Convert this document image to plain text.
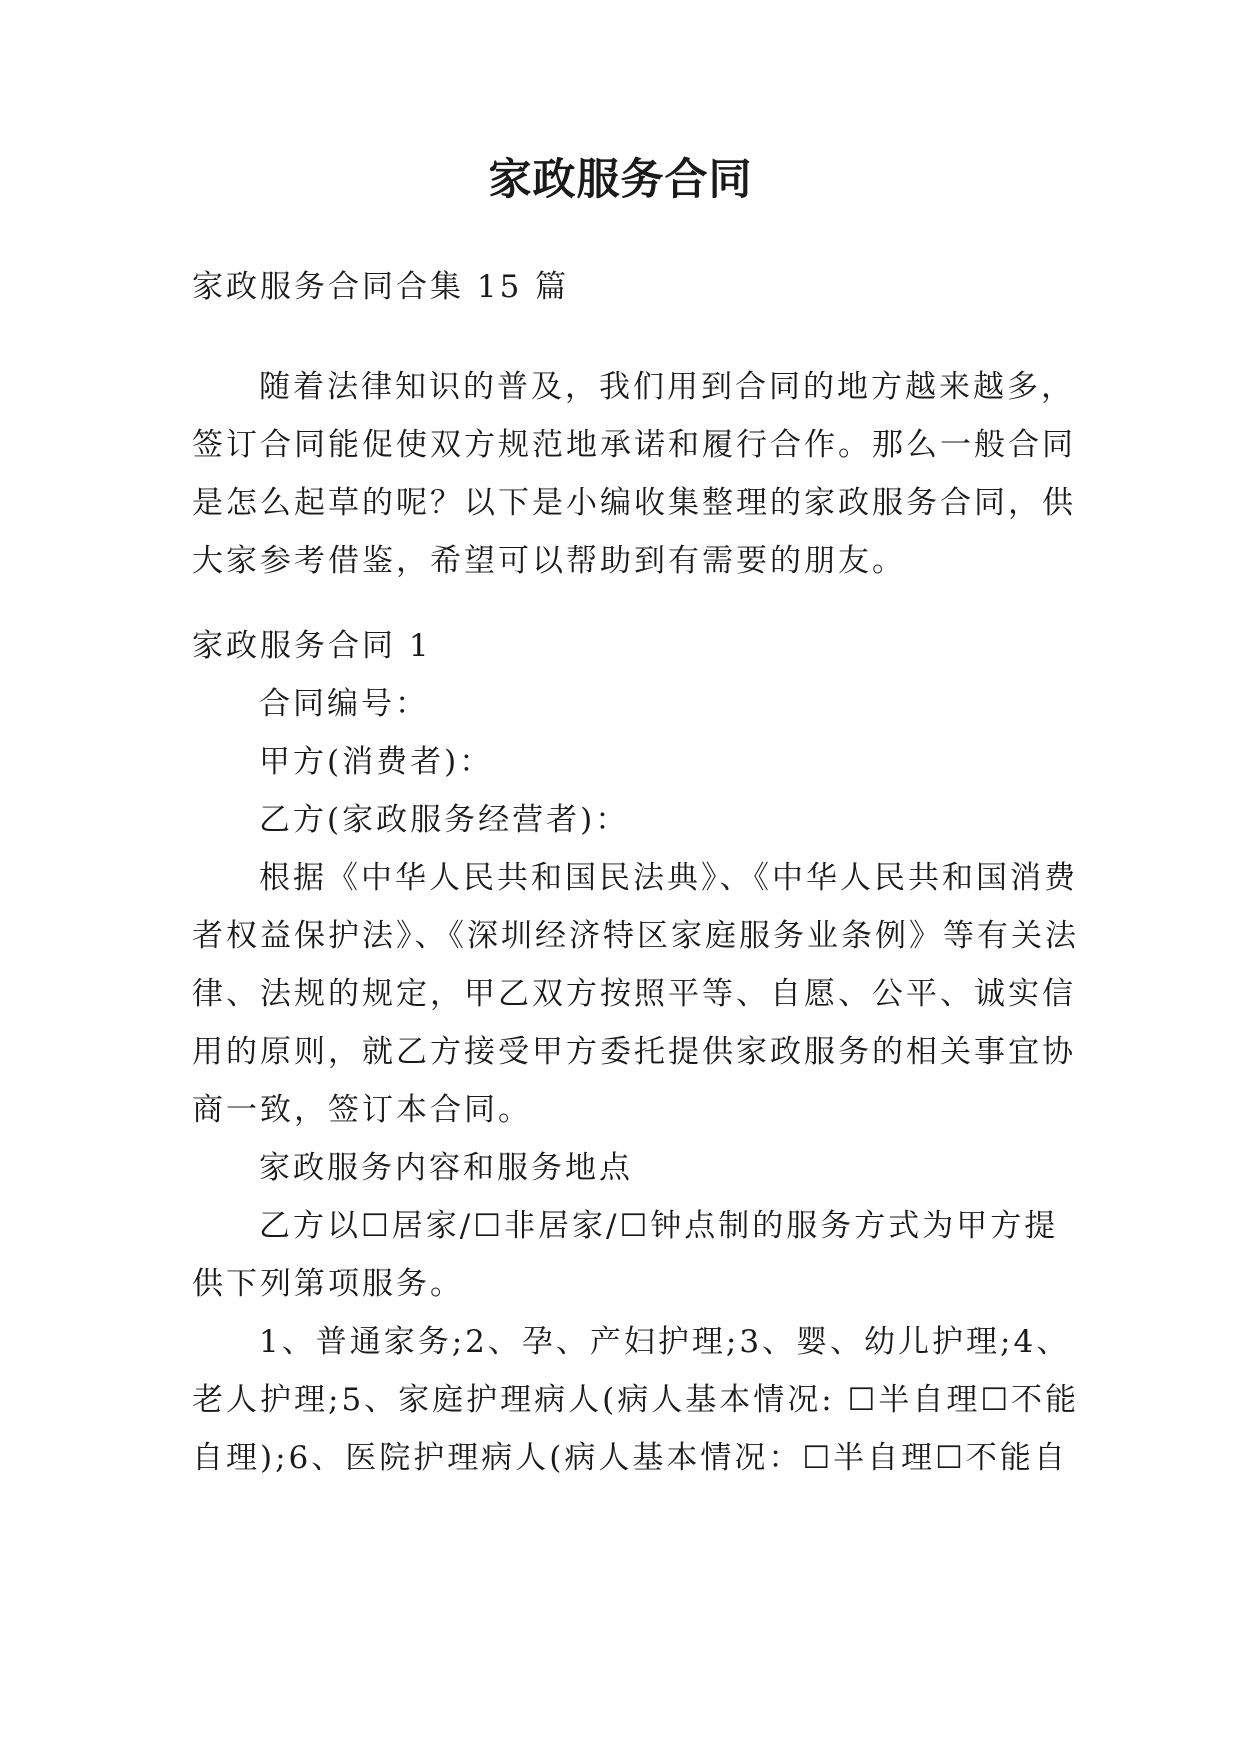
家政服务合同
家政服务合同合集 15 篇
随着法律知识的普及，我们用到合同的地方越来越多，
签订合同能促使双方规范地承诺和履行合作。那么一般合同
是怎么起草的呢？以下是小编收集整理的家政服务合同，供
大家参考借鉴，希望可以帮助到有需要的朋友。
家政服务合同 1
合同编号：
甲方(消费者)：
乙方(家政服务经营者)：
根据《中华人民共和国民法典》、《中华人民共和国消费
者权益保护法》、《深圳经济特区家庭服务业条例》等有关法
律、法规的规定，甲乙双方按照平等、自愿、公平、诚实信
用的原则，就乙方接受甲方委托提供家政服务的相关事宜协
商一致，签订本合同。
家政服务内容和服务地点
乙方以☐居家/☐非居家/☐钟点制的服务方式为甲方提
供下列第项服务。
1、普通家务;2、孕、产妇护理;3、婴、幼儿护理;4、
老人护理;5、家庭护理病人(病人基本情况: ☐半自理☐不能
自理);6、医院护理病人(病人基本情况：☐半自理☐不能自
